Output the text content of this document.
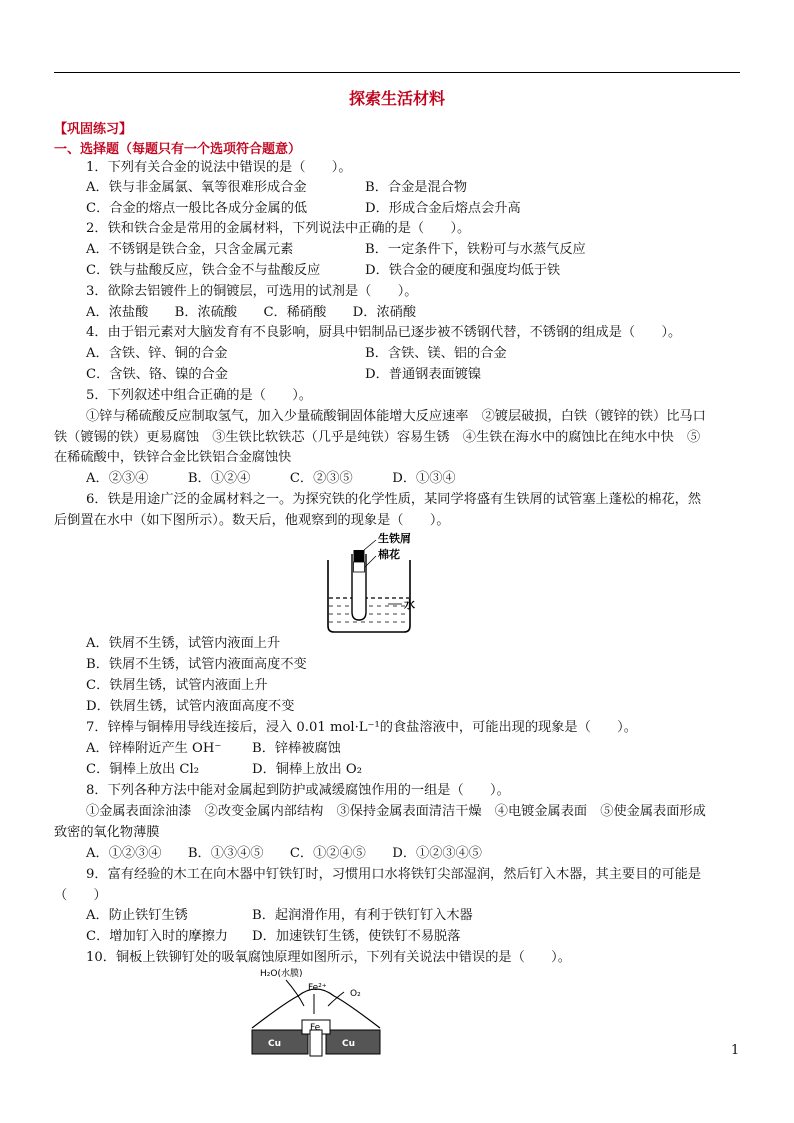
探索生活材料
【巩固练习】
一、选择题（每题只有一个选项符合题意）
1．下列有关合金的说法中错误的是（　　）。
A．铁与非金属氯、氧等很难形成合金	B．合金是混合物
C．合金的熔点一般比各成分金属的低	D．形成合金后熔点会升高
2．铁和铁合金是常用的金属材料，下列说法中正确的是（　　）。
A．不锈钢是铁合金，只含金属元素	B．一定条件下，铁粉可与水蒸气反应
C．铁与盐酸反应，铁合金不与盐酸反应	D．铁合金的硬度和强度均低于铁
3．欲除去铝镀件上的铜镀层，可选用的试剂是（　　）。
A．浓盐酸　　B．浓硫酸　　C．稀硝酸　　D．浓硝酸
4．由于铝元素对大脑发育有不良影响，厨具中铝制品已逐步被不锈钢代替，不锈钢的组成是（　　）。
A．含铁、锌、铜的合金	B．含铁、镁、铝的合金
C．含铁、铬、镍的合金	D．普通钢表面镀镍
5．下列叙述中组合正确的是（　　）。
①锌与稀硫酸反应制取氢气，加入少量硫酸铜固体能增大反应速率　②镀层破损，白铁（镀锌的铁）比马口
铁（镀锡的铁）更易腐蚀　③生铁比软铁芯（几乎是纯铁）容易生锈　④生铁在海水中的腐蚀比在纯水中快　⑤
在稀硫酸中，铁锌合金比铁铝合金腐蚀快
A．②③④　　　B．①②④　　　C．②③⑤　　　D．①③④
6．铁是用途广泛的金属材料之一。为探究铁的化学性质，某同学将盛有生铁屑的试管塞上蓬松的棉花，然
后倒置在水中（如下图所示）。数天后，他观察到的现象是（　　）。
生铁屑
棉花
水
A．铁屑不生锈，试管内液面上升
B．铁屑不生锈，试管内液面高度不变
C．铁屑生锈，试管内液面上升
D．铁屑生锈，试管内液面高度不变
7．锌棒与铜棒用导线连接后，浸入 0.01 mol·L⁻¹的食盐溶液中，可能出现的现象是（　　）。
A．锌棒附近产生 OH⁻ B．锌棒被腐蚀
C．铜棒上放出 Cl₂	D．铜棒上放出 O₂
8．下列各种方法中能对金属起到防护或减缓腐蚀作用的一组是（　　）。
①金属表面涂油漆　②改变金属内部结构　③保持金属表面清洁干燥　④电镀金属表面　⑤使金属表面形成
致密的氧化物薄膜
A．①②③④　　B．①③④⑤　　C．①②④⑤　　D．①②③④⑤
9．富有经验的木工在向木器中钉铁钉时，习惯用口水将铁钉尖部湿润，然后钉入木器，其主要目的可能是
（　　）
A．防止铁钉生锈	B．起润滑作用，有利于铁钉钉入木器
C．增加钉入时的摩擦力 D．加速铁钉生锈，使铁钉不易脱落
10．铜板上铁铆钉处的吸氧腐蚀原理如图所示，下列有关说法中错误的是（　　）。
H₂O(水膜)
Fe²⁺
O₂
Fe
Cu	Cu	1
